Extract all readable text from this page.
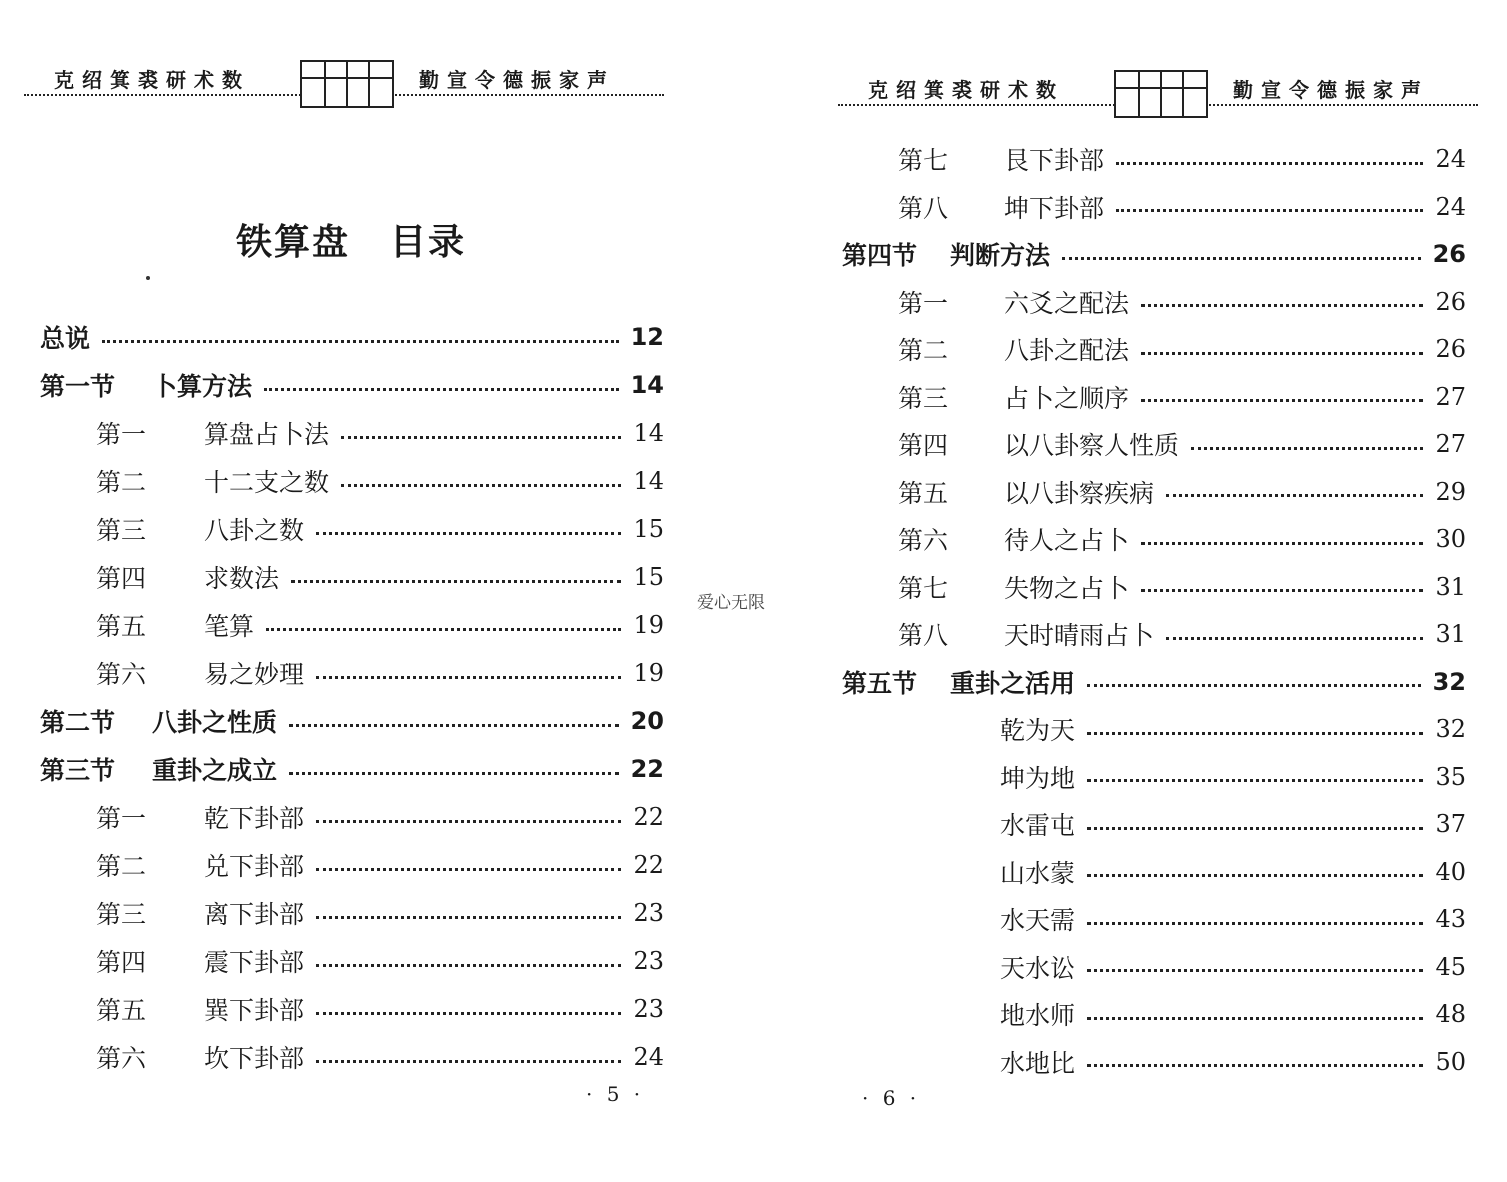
克绍箕裘研术数	勤宣令德振家声
铁算盘 目录
总说	12
第一节	卜算方法	14
第一	算盘占卜法	14
第二	十二支之数	14
第三	八卦之数	15
第四	求数法	15
第五	笔算	19
第六	易之妙理	19
第二节	八卦之性质	20
第三节	重卦之成立	22
第一	乾下卦部	22
第二	兑下卦部	22
第三	离下卦部	23
第四	震下卦部	23
第五	巽下卦部	23
第六	坎下卦部	24
· 5 ·
爱心无限
克绍箕裘研术数	勤宣令德振家声
第七	艮下卦部	24
第八	坤下卦部	24
第四节	判断方法	26
第一	六爻之配法	26
第二	八卦之配法	26
第三	占卜之顺序	27
第四	以八卦察人性质	27
第五	以八卦察疾病	29
第六	待人之占卜	30
第七	失物之占卜	31
第八	天时晴雨占卜	31
第五节	重卦之活用	32
乾为天	32
坤为地	35
水雷屯	37
山水蒙	40
水天需	43
天水讼	45
地水师	48
水地比	50
· 6 ·
